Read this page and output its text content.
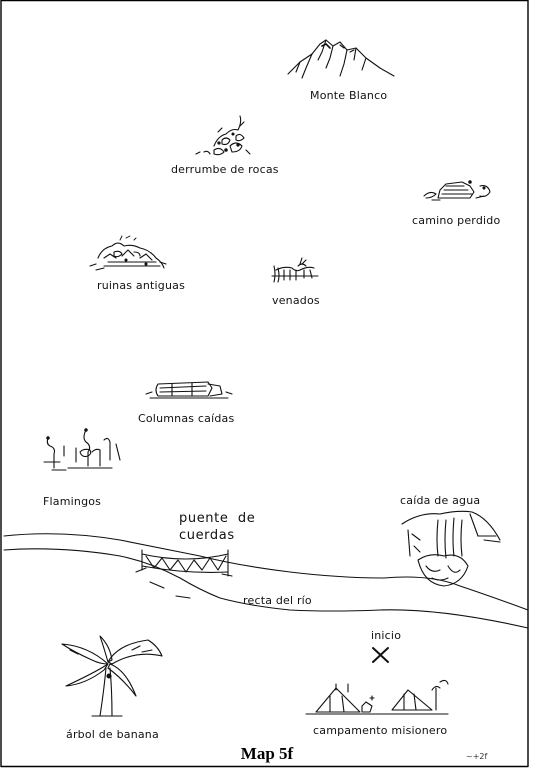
Monte Blanco
derrumbe de rocas
camino perdido
ruinas antiguas
venados
Columnas caídas
Flamingos	caída de agua
puente  de
cuerdas
recta del río
inicio
árbol de banana	campamento misionero
Map 5f	~+2f
